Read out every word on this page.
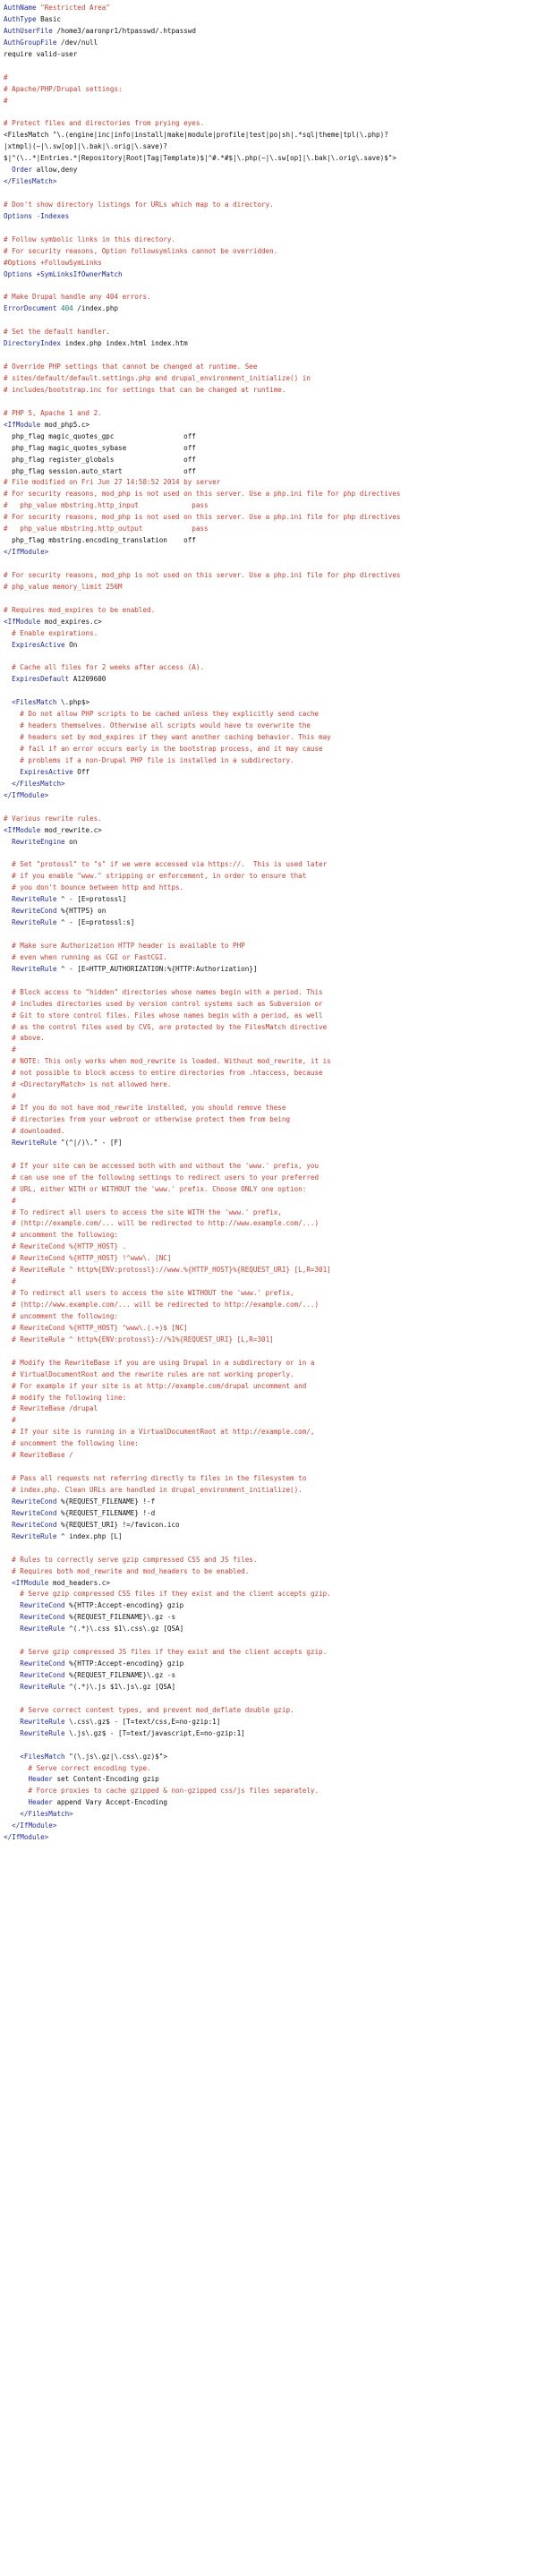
AuthName "Restricted Area"
AuthType Basic
AuthUserFile /home3/aaronpr1/htpasswd/.htpasswd
AuthGroupFile /dev/null
require valid-user

#
# Apache/PHP/Drupal settings:
#

# Protect files and directories from prying eyes.
<FilesMatch "\.(engine|inc|info|install|make|module|profile|test|po|sh|.*sql|theme|tpl(\.php)?
|xtmpl)(~|\.sw[op]|\.bak|\.orig|\.save)?
$|^(\..*|Entries.*|Repository|Root|Tag|Template)$|^#.*#$|\.php(~|\.sw[op]|\.bak|\.orig\.save)$">
Order allow,deny
</FilesMatch>

# Don't show directory listings for URLs which map to a directory.
Options -Indexes

# Follow symbolic links in this directory.
# For security reasons, Option followsymlinks cannot be overridden.
#Options +FollowSymLinks
Options +SymLinksIfOwnerMatch

# Make Drupal handle any 404 errors.
ErrorDocument 404 /index.php

# Set the default handler.
DirectoryIndex index.php index.html index.htm

# Override PHP settings that cannot be changed at runtime. See
# sites/default/default.settings.php and drupal_environment_initialize() in
# includes/bootstrap.inc for settings that can be changed at runtime.

# PHP 5, Apache 1 and 2.
<IfModule mod_php5.c>
php_flag magic_quotes_gpc                 off
php_flag magic_quotes_sybase              off
php_flag register_globals                 off
php_flag session.auto_start               off
# File modified on Fri Jun 27 14:58:52 2014 by server
# For security reasons, mod_php is not used on this server. Use a php.ini file for php directives
#   php_value mbstring.http_input             pass
# For security reasons, mod_php is not used on this server. Use a php.ini file for php directives
#   php_value mbstring.http_output            pass
php_flag mbstring.encoding_translation    off
</IfModule>

# For security reasons, mod_php is not used on this server. Use a php.ini file for php directives
# php_value memory_limit 256M

# Requires mod_expires to be enabled.
<IfModule mod_expires.c>
# Enable expirations.
ExpiresActive On

# Cache all files for 2 weeks after access (A).
ExpiresDefault A1209600

<FilesMatch \.php$>
# Do not allow PHP scripts to be cached unless they explicitly send cache
# headers themselves. Otherwise all scripts would have to overwrite the
# headers set by mod_expires if they want another caching behavior. This may
# fail if an error occurs early in the bootstrap process, and it may cause
# problems if a non-Drupal PHP file is installed in a subdirectory.
ExpiresActive Off
</FilesMatch>
</IfModule>

# Various rewrite rules.
<IfModule mod_rewrite.c>
RewriteEngine on

# Set "protossl" to "s" if we were accessed via https://.  This is used later
# if you enable "www." stripping or enforcement, in order to ensure that
# you don't bounce between http and https.
RewriteRule ^ - [E=protossl]
RewriteCond %{HTTPS} on
RewriteRule ^ - [E=protossl:s]

# Make sure Authorization HTTP header is available to PHP
# even when running as CGI or FastCGI.
RewriteRule ^ - [E=HTTP_AUTHORIZATION:%{HTTP:Authorization}]

# Block access to "hidden" directories whose names begin with a period. This
# includes directories used by version control systems such as Subversion or
# Git to store control files. Files whose names begin with a period, as well
# as the control files used by CVS, are protected by the FilesMatch directive
# above.
#
# NOTE: This only works when mod_rewrite is loaded. Without mod_rewrite, it is
# not possible to block access to entire directories from .htaccess, because
# <DirectoryMatch> is not allowed here.
#
# If you do not have mod_rewrite installed, you should remove these
# directories from your webroot or otherwise protect them from being
# downloaded.
RewriteRule "(^|/)\." - [F]

# If your site can be accessed both with and without the 'www.' prefix, you
# can use one of the following settings to redirect users to your preferred
# URL, either WITH or WITHOUT the 'www.' prefix. Choose ONLY one option:
#
# To redirect all users to access the site WITH the 'www.' prefix,
# (http://example.com/... will be redirected to http://www.example.com/...)
# uncomment the following:
# RewriteCond %{HTTP_HOST} .
# RewriteCond %{HTTP_HOST} !^www\. [NC]
# RewriteRule ^ http%{ENV:protossl}://www.%{HTTP_HOST}%{REQUEST_URI} [L,R=301]
#
# To redirect all users to access the site WITHOUT the 'www.' prefix,
# (http://www.example.com/... will be redirected to http://example.com/...)
# uncomment the following:
# RewriteCond %{HTTP_HOST} ^www\.(.+)$ [NC]
# RewriteRule ^ http%{ENV:protossl}://%1%{REQUEST_URI} [L,R=301]

# Modify the RewriteBase if you are using Drupal in a subdirectory or in a
# VirtualDocumentRoot and the rewrite rules are not working properly.
# For example if your site is at http://example.com/drupal uncomment and
# modify the following line:
# RewriteBase /drupal
#
# If your site is running in a VirtualDocumentRoot at http://example.com/,
# uncomment the following line:
# RewriteBase /

# Pass all requests not referring directly to files in the filesystem to
# index.php. Clean URLs are handled in drupal_environment_initialize().
RewriteCond %{REQUEST_FILENAME} !-f
RewriteCond %{REQUEST_FILENAME} !-d
RewriteCond %{REQUEST_URI} !=/favicon.ico
RewriteRule ^ index.php [L]

# Rules to correctly serve gzip compressed CSS and JS files.
# Requires both mod_rewrite and mod_headers to be enabled.
<IfModule mod_headers.c>
# Serve gzip compressed CSS files if they exist and the client accepts gzip.
RewriteCond %{HTTP:Accept-encoding} gzip
RewriteCond %{REQUEST_FILENAME}\.gz -s
RewriteRule ^(.*)\.css $1\.css\.gz [QSA]

# Serve gzip compressed JS files if they exist and the client accepts gzip.
RewriteCond %{HTTP:Accept-encoding} gzip
RewriteCond %{REQUEST_FILENAME}\.gz -s
RewriteRule ^(.*)\.js $1\.js\.gz [QSA]

# Serve correct content types, and prevent mod_deflate double gzip.
RewriteRule \.css\.gz$ - [T=text/css,E=no-gzip:1]
RewriteRule \.js\.gz$ - [T=text/javascript,E=no-gzip:1]

<FilesMatch "(\.js\.gz|\.css\.gz)$">
# Serve correct encoding type.
Header set Content-Encoding gzip
# Force proxies to cache gzipped & non-gzipped css/js files separately.
Header append Vary Accept-Encoding
</FilesMatch>
</IfModule>
</IfModule>
